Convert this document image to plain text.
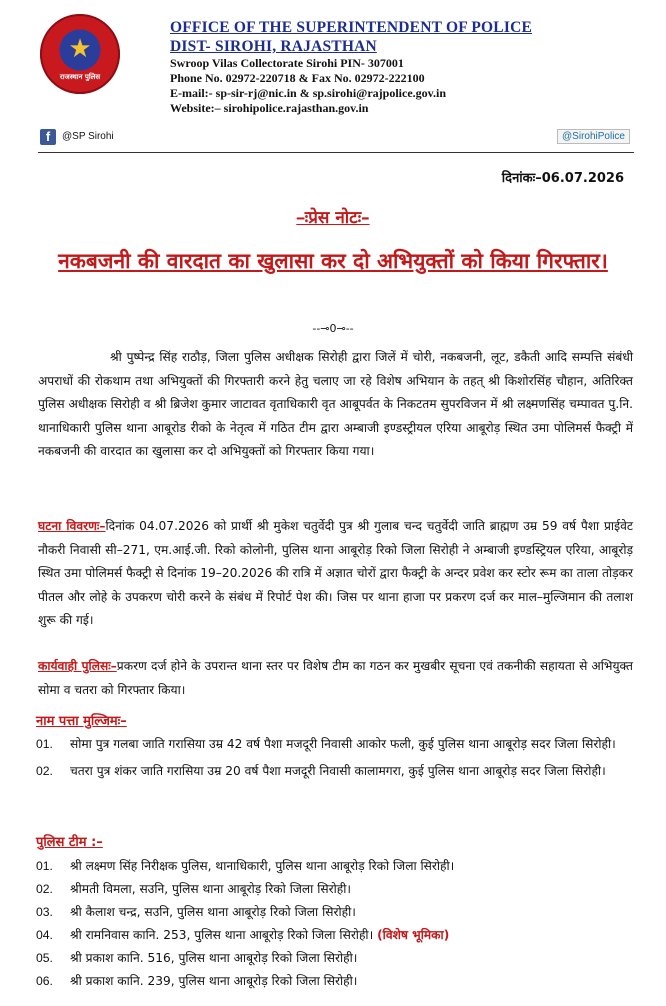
★
राजस्थान पुलिस
OFFICE OF THE SUPERINTENDENT OF POLICE
DIST- SIROHI, RAJASTHAN
Swroop Vilas Collectorate Sirohi PIN- 307001
Phone No. 02972-220718 & Fax No. 02972-222100
E-mail:- sp-sir-rj@nic.in & sp.sirohi@rajpolice.gov.in
Website:– sirohipolice.rajasthan.gov.in
f	@SP Sirohi	@SirohiPolice
दिनांकः–06.07.2026
–ःप्रेस नोटः–
नकबजनी की वारदात का खुलासा कर दो अभियुक्तों को किया गिरफ्तार।
--⊸0⊸--
श्री पुष्पेन्द्र सिंह राठौड़, जिला पुलिस अधीक्षक सिरोही द्वारा जिलें में चोरी, नकबजनी, लूट, डकैती आदि सम्पत्ति संबंधी अपराधों की रोकथाम तथा अभियुक्तों की गिरफ्तारी करने हेतु चलाए जा रहे विशेष अभियान के तहत् श्री किशोरसिंह चौहान, अतिरिक्त पुलिस अधीक्षक सिरोही व श्री ब्रिजेश कुमार जाटावत वृताधिकारी वृत आबूपर्वत के निकटतम सुपरविजन में श्री लक्ष्मणसिंह चम्पावत पु.नि. थानाधिकारी पुलिस थाना आबूरोड रीको के नेतृत्व में गठित टीम द्वारा अम्बाजी इण्डस्ट्रीयल एरिया आबूरोड़ स्थित उमा पोलिमर्स फैक्ट्री में नकबजनी की वारदात का खुलासा कर दो अभियुक्तों को गिरफ्तार किया गया।
घटना विवरणः–दिनांक 04.07.2026 को प्रार्थी श्री मुकेश चतुर्वेदी पुत्र श्री गुलाब चन्द चतुर्वेदी जाति ब्राह्मण उम्र 59 वर्ष पैशा प्राईवेट नौकरी निवासी सी–271, एम.आई.जी. रिको कोलोनी, पुलिस थाना आबूरोड़ रिको जिला सिरोही ने अम्बाजी इण्डस्ट्रियल एरिया, आबूरोड़ स्थित उमा पोलिमर्स फैक्ट्री से दिनांक 19–20.2026 की रात्रि में अज्ञात चोरों द्वारा फैक्ट्री के अन्दर प्रवेश कर स्टोर रूम का ताला तोड़कर पीतल और लोहे के उपकरण चोरी करने के संबंध में रिपोर्ट पेश की। जिस पर थाना हाजा पर प्रकरण दर्ज कर माल–मुल्जिमान की तलाश शुरू की गई।
कार्यवाही पुलिसः–प्रकरण दर्ज होने के उपरान्त थाना स्तर पर विशेष टीम का गठन कर मुखबीर सूचना एवं तकनीकी सहायता से अभियुक्त सोमा व चतरा को गिरफ्तार किया।
नाम पत्ता मुल्जिमः–
01. सोमा पुत्र गलबा जाति गरासिया उम्र 42 वर्ष पैशा मजदूरी निवासी आकोर फली, कुई पुलिस थाना आबूरोड़ सदर जिला सिरोही।
02. चतरा पुत्र शंकर जाति गरासिया उम्र 20 वर्ष पैशा मजदूरी निवासी कालामगरा, कुई पुलिस थाना आबूरोड़ सदर जिला सिरोही।
पुलिस टीम :–
01. श्री लक्ष्मण सिंह निरीक्षक पुलिस, थानाधिकारी, पुलिस थाना आबूरोड़ रिको जिला सिरोही।
02. श्रीमती विमला, सउनि, पुलिस थाना आबूरोड़ रिको जिला सिरोही।
03. श्री कैलाश चन्द्र, सउनि, पुलिस थाना आबूरोड़ रिको जिला सिरोही।
04. श्री रामनिवास कानि. 253, पुलिस थाना आबूरोड़ रिको जिला सिरोही। (विशेष भूमिका)
05. श्री प्रकाश कानि. 516, पुलिस थाना आबूरोड़ रिको जिला सिरोही।
06. श्री प्रकाश कानि. 239, पुलिस थाना आबूरोड़ रिको जिला सिरोही।
